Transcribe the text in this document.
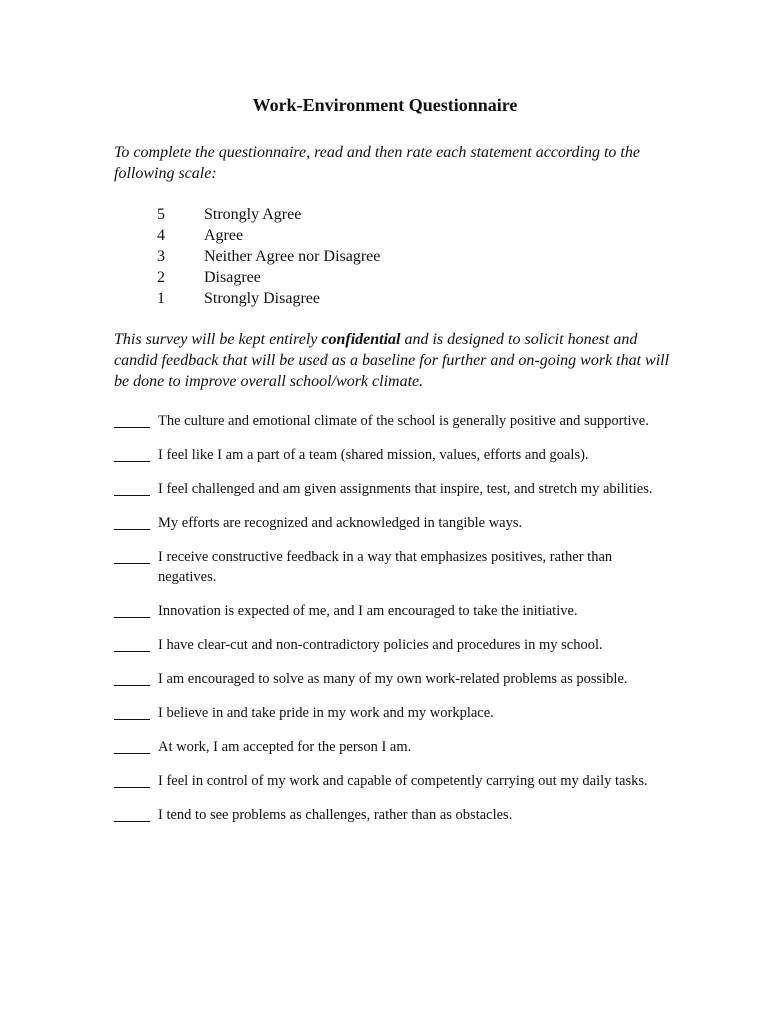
Work-Environment Questionnaire
To complete the questionnaire, read and then rate each statement according to the following scale:
5	Strongly Agree
4	Agree
3	Neither Agree nor Disagree
2	Disagree
1	Strongly Disagree
This survey will be kept entirely confidential and is designed to solicit honest and candid feedback that will be used as a baseline for further and on-going work that will be done to improve overall school/work climate.
The culture and emotional climate of the school is generally positive and supportive.
I feel like I am a part of a team (shared mission, values, efforts and goals).
I feel challenged and am given assignments that inspire, test, and stretch my abilities.
My efforts are recognized and acknowledged in tangible ways.
I receive constructive feedback in a way that emphasizes positives, rather than negatives.
Innovation is expected of me, and I am encouraged to take the initiative.
I have clear-cut and non-contradictory policies and procedures in my school.
I am encouraged to solve as many of my own work-related problems as possible.
I believe in and take pride in my work and my workplace.
At work, I am accepted for the person I am.
I feel in control of my work and capable of competently carrying out my daily tasks.
I tend to see problems as challenges, rather than as obstacles.
